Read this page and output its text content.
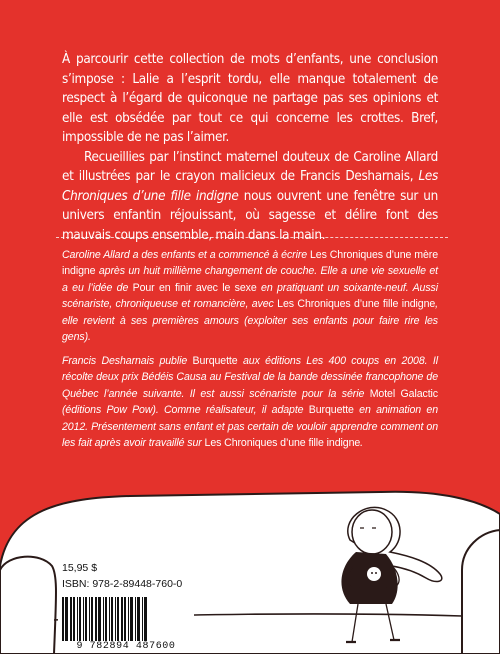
À parcourir cette collection de mots d’enfants, une conclusion s’impose : Lalie a l’esprit tordu, elle manque totalement de respect à l’égard de quiconque ne partage pas ses opinions et elle est obsédée par tout ce qui concerne les crottes. Bref, impossible de ne pas l’aimer.

Recueillies par l’instinct maternel douteux de Caroline Allard et illustrées par le crayon malicieux de Francis Desharnais, Les Chroniques d’une fille indigne nous ouvrent une fenêtre sur un univers enfantin réjouissant, où sagesse et délire font des mauvais coups ensemble, main dans la main.

Caroline Allard a des enfants et a commencé à écrire Les Chroniques d’une mère indigne après un huit millième changement de couche. Elle a une vie sexuelle et a eu l’idée de Pour en finir avec le sexe en pratiquant un soixante-neuf. Aussi scénariste, chroniqueuse et romancière, avec Les Chroniques d’une fille indigne, elle revient à ses premières amours (exploiter ses enfants pour faire rire les gens).
Francis Desharnais publie Burquette aux éditions Les 400 coups en 2008. Il récolte deux prix Bédéis Causa au Festival de la bande dessinée francophone de Québec l’année suivante. Il est aussi scénariste pour la série Motel Galactic (éditions Pow Pow). Comme réalisateur, il adapte Burquette en animation en 2012. Présentement sans enfant et pas certain de vouloir apprendre comment on les fait après avoir travaillé sur Les Chroniques d’une fille indigne.
15,95 $
ISBN: 978-2-89448-760-0
9 782894 487600
